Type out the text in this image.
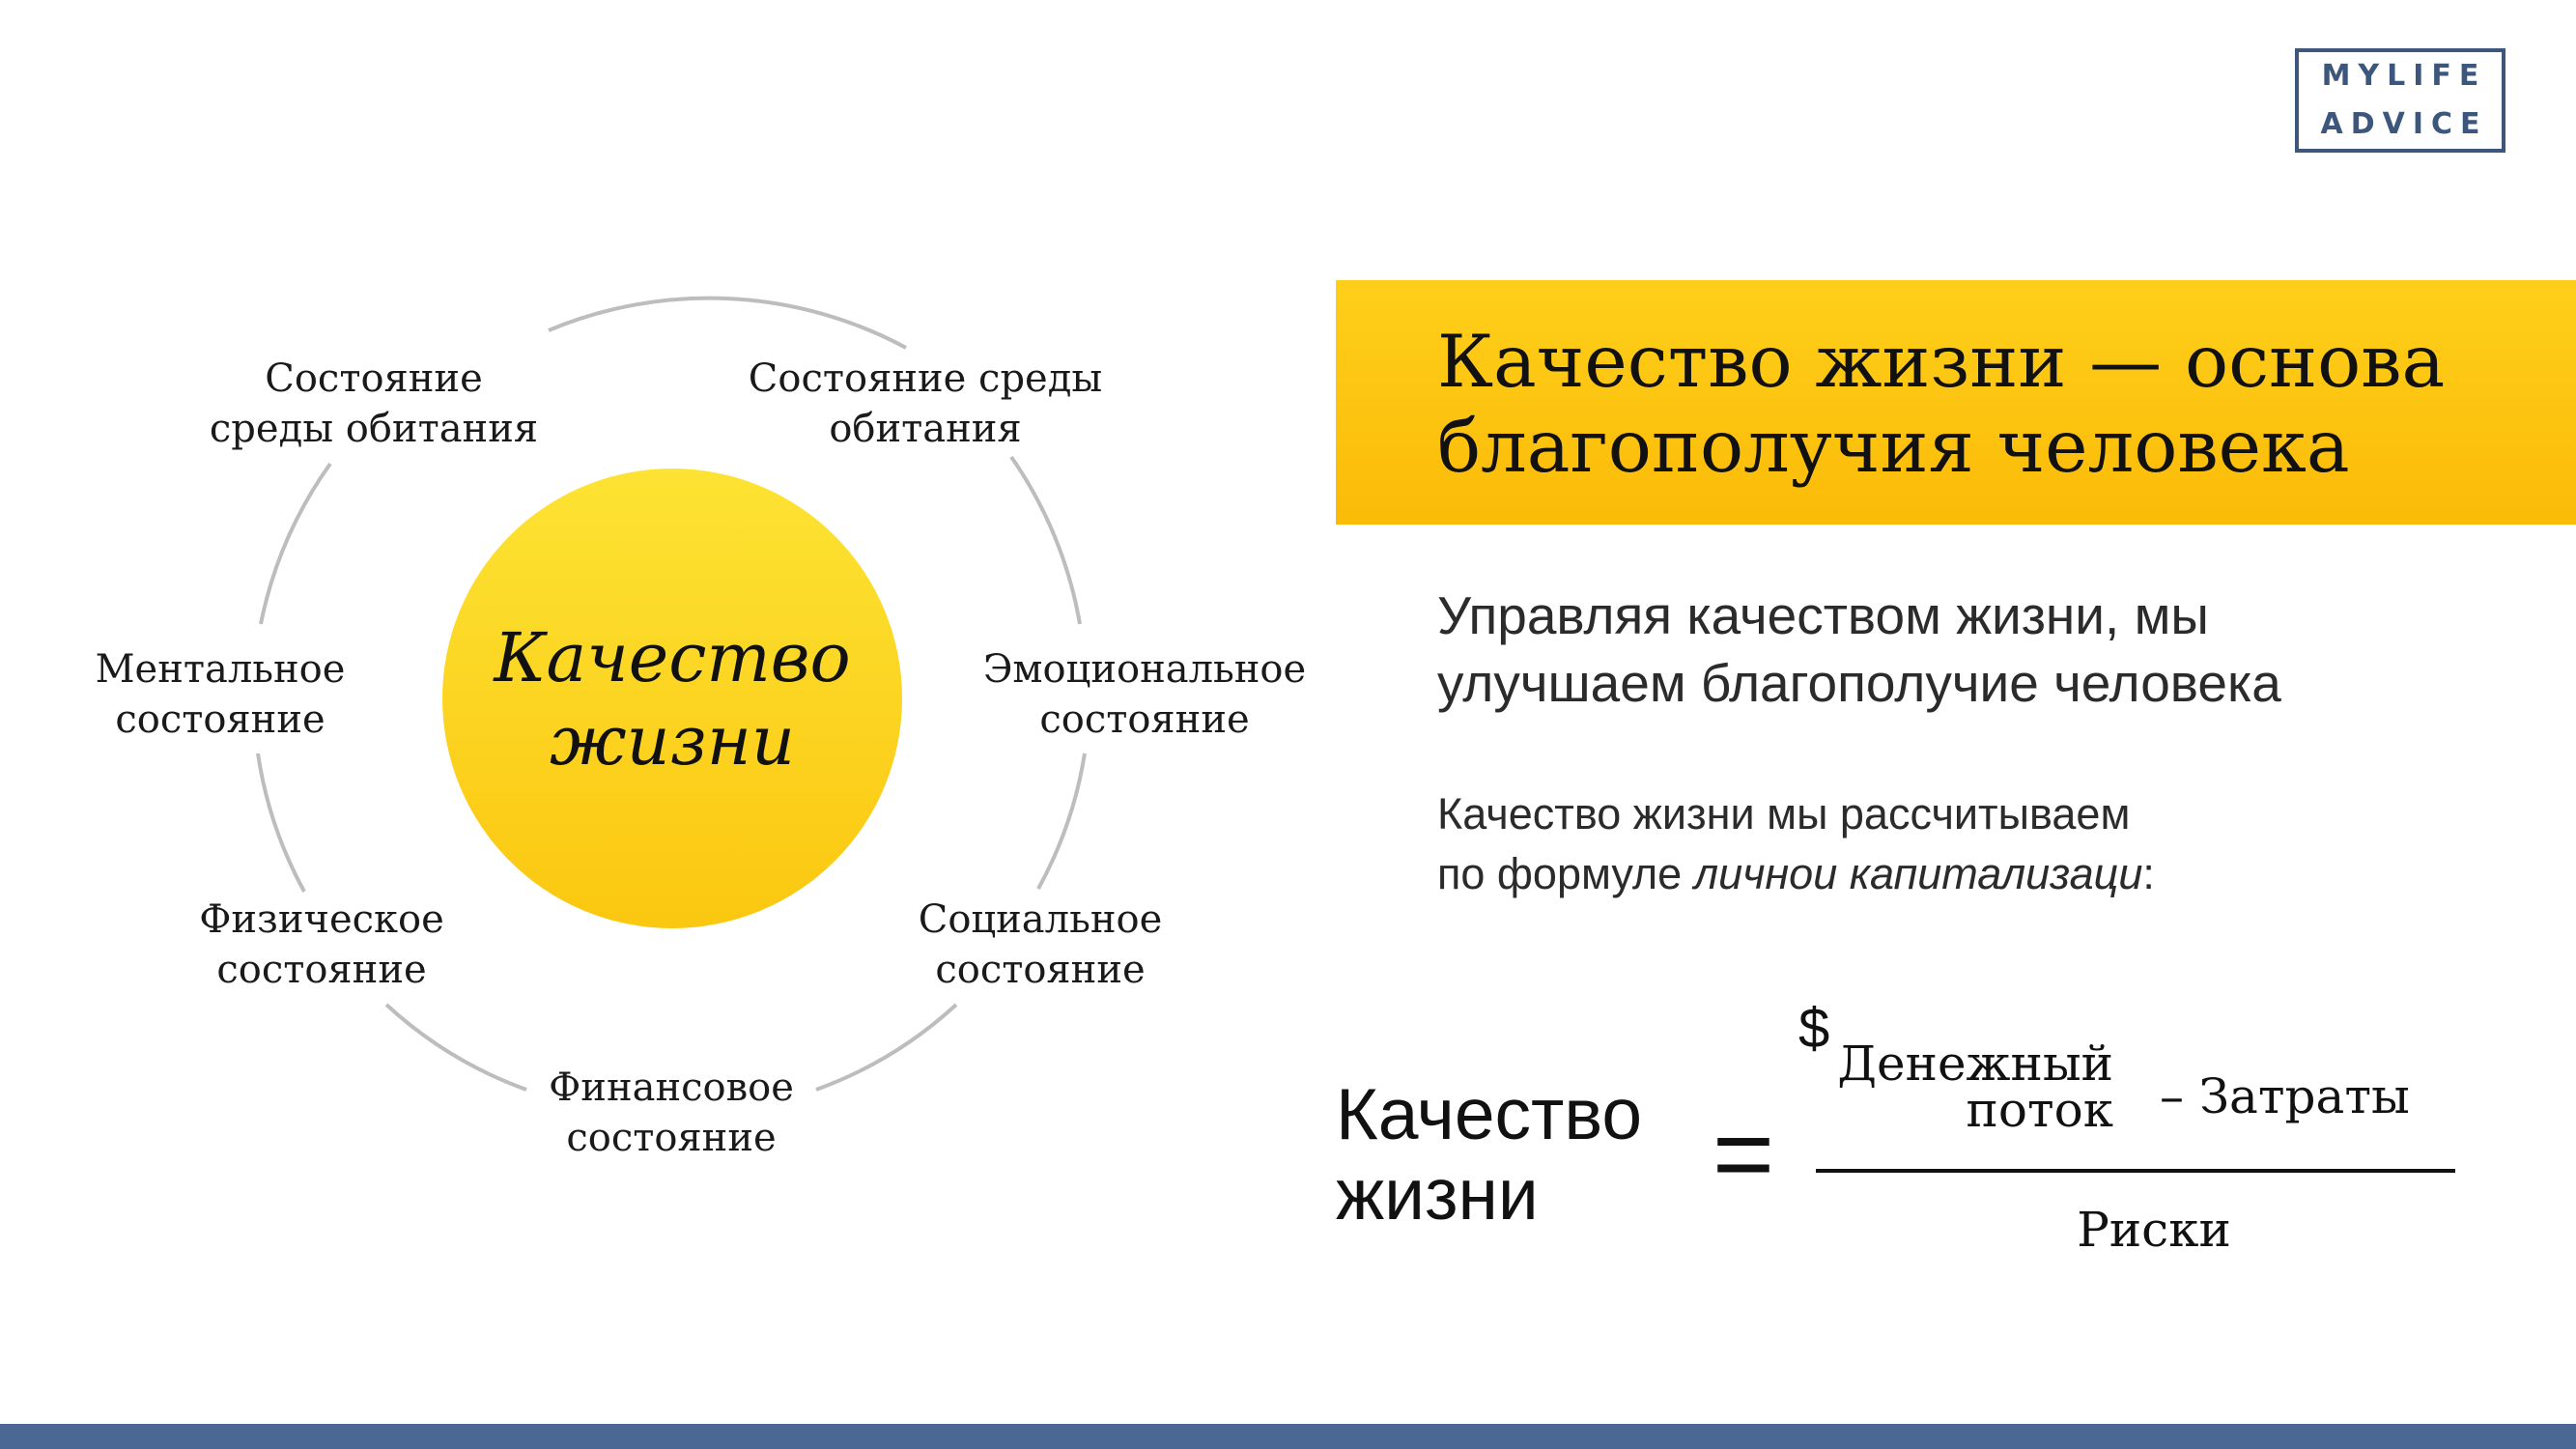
MYLIFE
ADVICE
Качество
жизни
Состояние
среды обитания
Состояние среды
обитания
Эмоциональное
состояние
Социальное
состояние
Финансовое
состояние
Физическое
состояние
Ментальное
состояние
Качество жизни — основа
благополучия человека
Управляя качеством жизни, мы
улучшаем благополучие человека
Качество жизни мы рассчитываем
по формуле личнои капитализаци:
Качество
жизни	=
$
Денежный
поток – Затраты
Риски
